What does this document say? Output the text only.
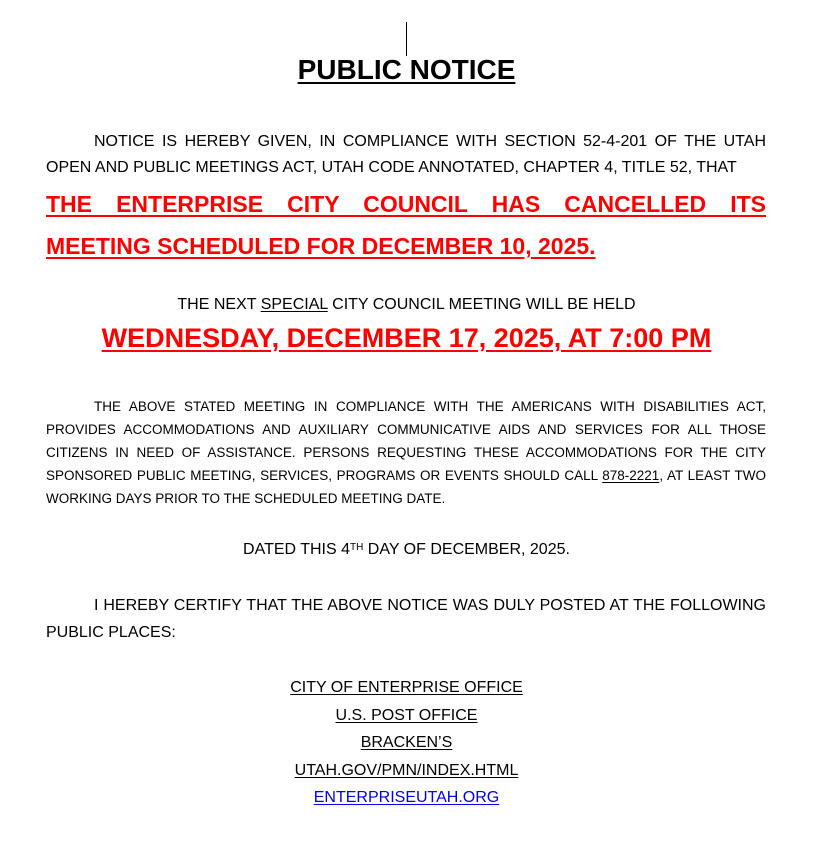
PUBLIC NOTICE

NOTICE IS HEREBY GIVEN, IN COMPLIANCE WITH SECTION 52-4-201 OF THE UTAH OPEN AND PUBLIC MEETINGS ACT, UTAH CODE ANNOTATED, CHAPTER 4, TITLE 52, THAT

THE ENTERPRISE CITY COUNCIL HAS CANCELLED ITS MEETING SCHEDULED FOR DECEMBER 10, 2025.

THE NEXT SPECIAL CITY COUNCIL MEETING WILL BE HELD
WEDNESDAY, DECEMBER 17, 2025, AT 7:00 PM

THE ABOVE STATED MEETING IN COMPLIANCE WITH THE AMERICANS WITH DISABILITIES ACT, PROVIDES ACCOMMODATIONS AND AUXILIARY COMMUNICATIVE AIDS AND SERVICES FOR ALL THOSE CITIZENS IN NEED OF ASSISTANCE. PERSONS REQUESTING THESE ACCOMMODATIONS FOR THE CITY SPONSORED PUBLIC MEETING, SERVICES, PROGRAMS OR EVENTS SHOULD CALL 878-2221, AT LEAST TWO WORKING DAYS PRIOR TO THE SCHEDULED MEETING DATE.

DATED THIS 4TH DAY OF DECEMBER, 2025.

I HEREBY CERTIFY THAT THE ABOVE NOTICE WAS DULY POSTED AT THE FOLLOWING PUBLIC PLACES:

CITY OF ENTERPRISE OFFICE
U.S. POST OFFICE
BRACKEN’S
UTAH.GOV/PMN/INDEX.HTML
ENTERPRISEUTAH.ORG
